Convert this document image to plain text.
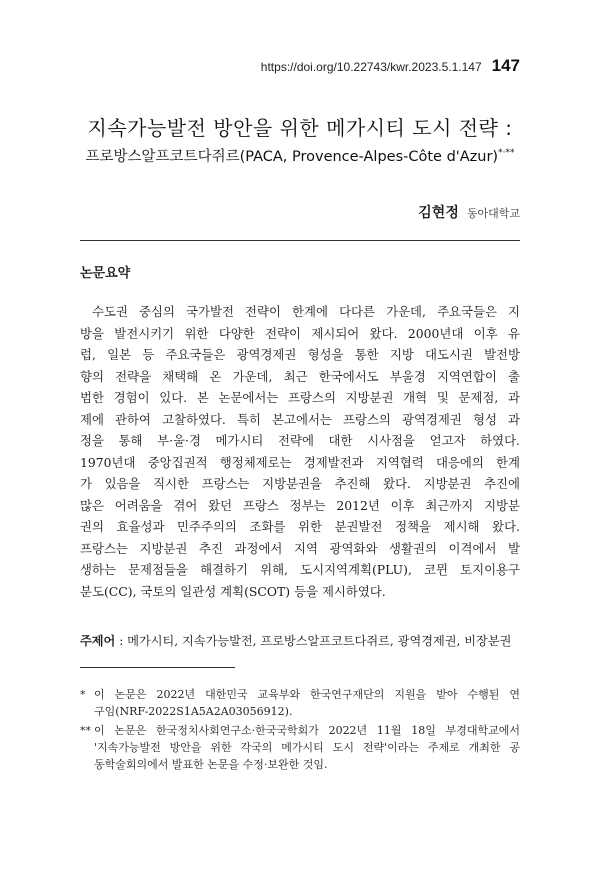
https://doi.org/10.22743/kwr.2023.5.1.147 147
지속가능발전 방안을 위한 메가시티 도시 전략 :
프로방스알프코트다쥐르(PACA, Provence-Alpes-Côte d'Azur)*·**
김현정 동아대학교
논문요약
수도권 중심의 국가발전 전략이 한계에 다다른 가운데, 주요국들은 지
방을 발전시키기 위한 다양한 전략이 제시되어 왔다. 2000년대 이후 유
럽, 일본 등 주요국들은 광역경제권 형성을 통한 지방 대도시권 발전방
향의 전략을 채택해 온 가운데, 최근 한국에서도 부울경 지역연합이 출
범한 경험이 있다. 본 논문에서는 프랑스의 지방분권 개혁 및 문제점, 과
제에 관하여 고찰하였다. 특히 본고에서는 프랑스의 광역경제권 형성 과
정을 통해 부·울·경 메가시티 전략에 대한 시사점을 얻고자 하였다.
1970년대 중앙집권적 행정체제로는 경제발전과 지역협력 대응에의 한계
가 있음을 직시한 프랑스는 지방분권을 추진해 왔다. 지방분권 추진에
많은 어려움을 겪어 왔던 프랑스 정부는 2012년 이후 최근까지 지방분
권의 효율성과 민주주의의 조화를 위한 분권발전 정책을 제시해 왔다.
프랑스는 지방분권 추진 과정에서 지역 광역화와 생활권의 이격에서 발
생하는 문제점들을 해결하기 위해, 도시지역계획(PLU), 코뮌 토지이용구
분도(CC), 국토의 일관성 계획(SCOT) 등을 제시하였다.
주제어 : 메가시티, 지속가능발전, 프로방스알프코트다쥐르, 광역경제권, 비장분권
* 이 논문은 2022년 대한민국 교육부와 한국연구재단의 지원을 받아 수행된 연
구임(NRF-2022S1A5A2A03056912).
** 이 논문은 한국정치사회연구소·한국국학회가 2022년 11월 18일 부경대학교에서
'지속가능발전 방안을 위한 각국의 메가시티 도시 전략'이라는 주제로 개최한 공
동학술회의에서 발표한 논문을 수정·보완한 것임.
